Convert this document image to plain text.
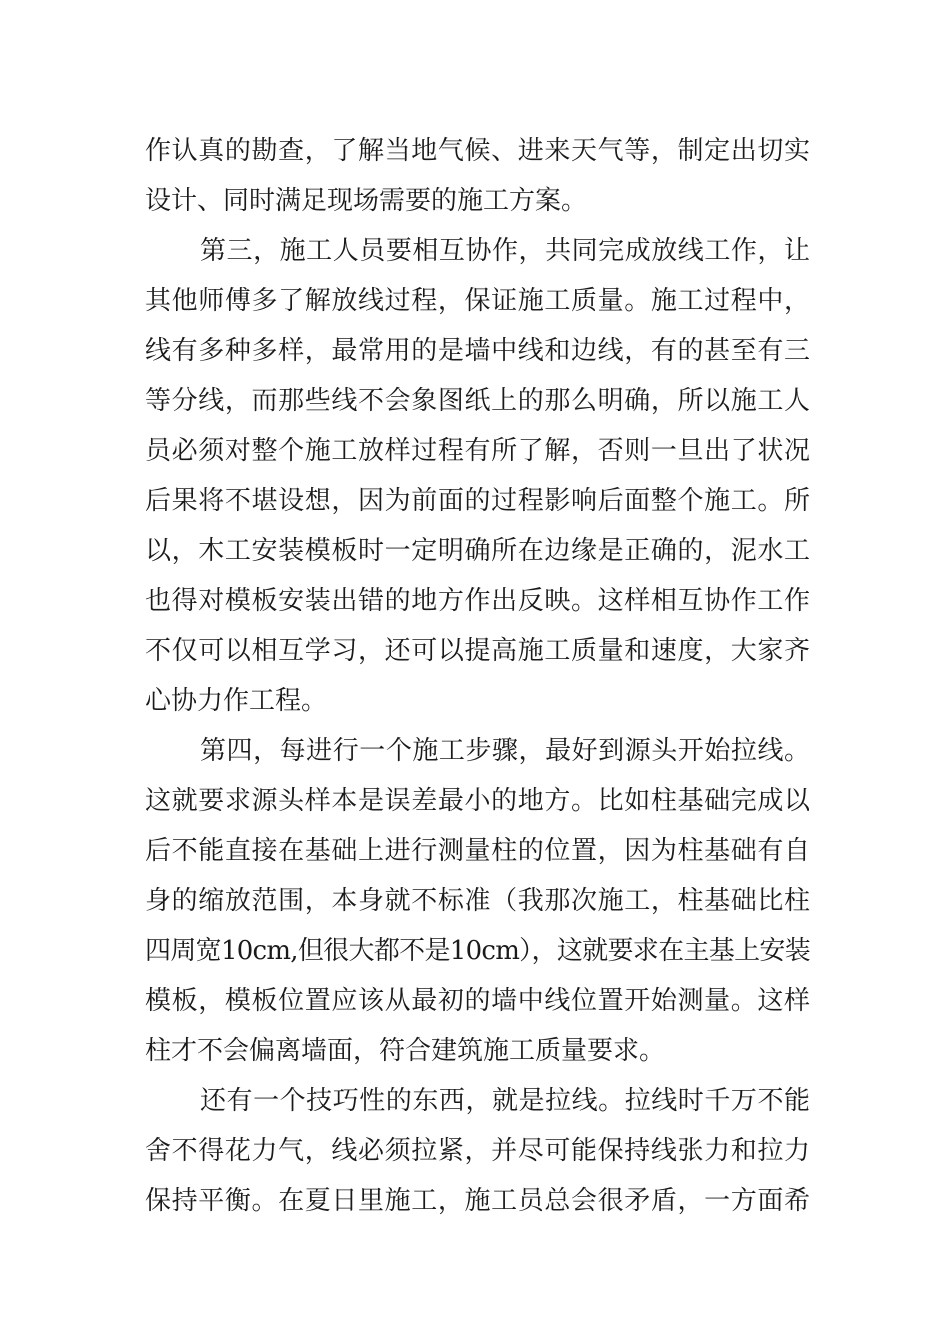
作认真的勘查，了解当地气候、进来天气等，制定出切实
设计、同时满足现场需要的施工方案。
第三，施工人员要相互协作，共同完成放线工作，让
其他师傅多了解放线过程，保证施工质量。施工过程中，
线有多种多样，最常用的是墙中线和边线，有的甚至有三
等分线，而那些线不会象图纸上的那么明确，所以施工人
员必须对整个施工放样过程有所了解，否则一旦出了状况
后果将不堪设想，因为前面的过程影响后面整个施工。所
以，木工安装模板时一定明确所在边缘是正确的，泥水工
也得对模板安装出错的地方作出反映。这样相互协作工作
不仅可以相互学习，还可以提高施工质量和速度，大家齐
心协力作工程。
第四，每进行一个施工步骤，最好到源头开始拉线。
这就要求源头样本是误差最小的地方。比如柱基础完成以
后不能直接在基础上进行测量柱的位置，因为柱基础有自
身的缩放范围，本身就不标准（我那次施工，柱基础比柱
四周宽10cm,但很大都不是10cm），这就要求在主基上安装
模板，模板位置应该从最初的墙中线位置开始测量。这样
柱才不会偏离墙面，符合建筑施工质量要求。
还有一个技巧性的东西，就是拉线。拉线时千万不能
舍不得花力气，线必须拉紧，并尽可能保持线张力和拉力
保持平衡。在夏日里施工，施工员总会很矛盾，一方面希
